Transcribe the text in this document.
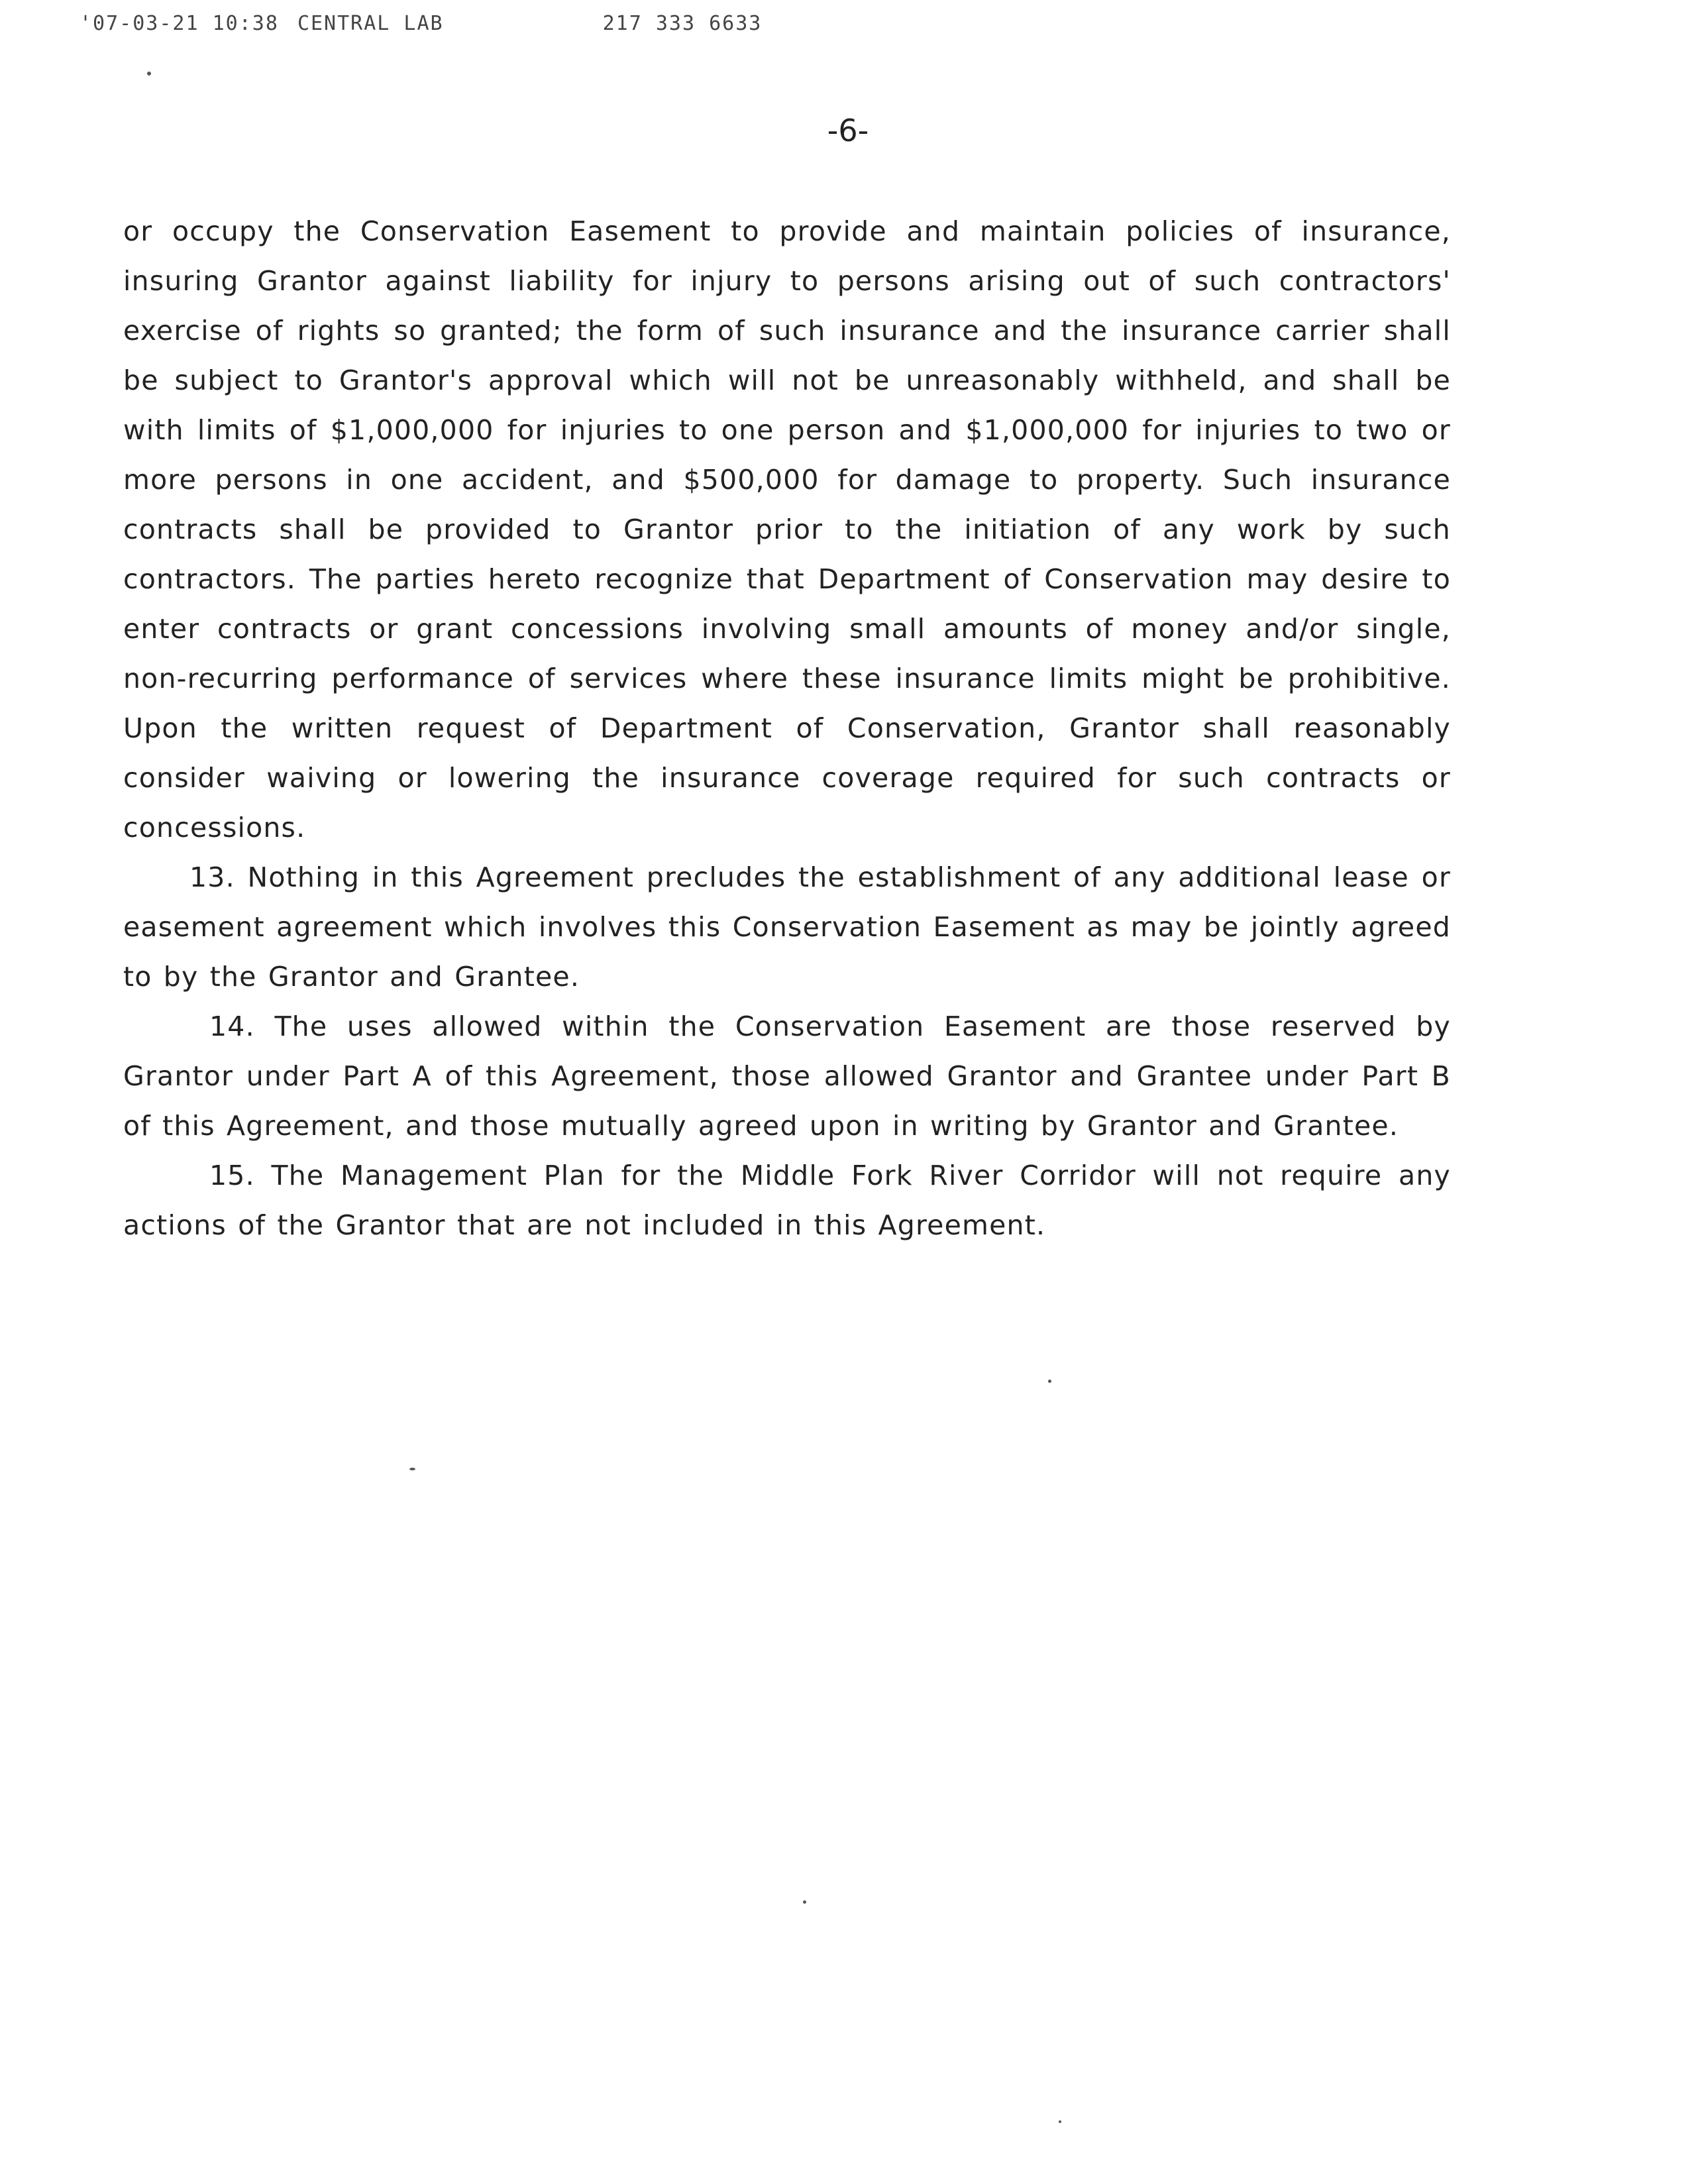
'07-03-21 10:38 CENTRAL LAB	217 333 6633
-6-

or occupy the Conservation Easement to provide and maintain policies of insurance, insuring Grantor against liability for injury to persons arising out of such contractors' exercise of rights so granted; the form of such insurance and the insurance carrier shall be subject to Grantor's approval which will not be unreasonably withheld, and shall be with limits of $1,000,000 for injuries to one person and $1,000,000 for injuries to two or more persons in one accident, and $500,000 for damage to property. Such insurance contracts shall be provided to Grantor prior to the initiation of any work by such contractors. The parties hereto recognize that Department of Conservation may desire to enter contracts or grant concessions involving small amounts of money and/or single, non-recurring performance of services where these insurance limits might be prohibitive. Upon the written request of Department of Conservation, Grantor shall reasonably consider waiving or lowering the insurance coverage required for such contracts or concessions.

13. Nothing in this Agreement precludes the establishment of any additional lease or easement agreement which involves this Conservation Easement as may be jointly agreed to by the Grantor and Grantee.

14. The uses allowed within the Conservation Easement are those reserved by Grantor under Part A of this Agreement, those allowed Grantor and Grantee under Part B of this Agreement, and those mutually agreed upon in writing by Grantor and Grantee.

15. The Management Plan for the Middle Fork River Corridor will not require any actions of the Grantor that are not included in this Agreement.
